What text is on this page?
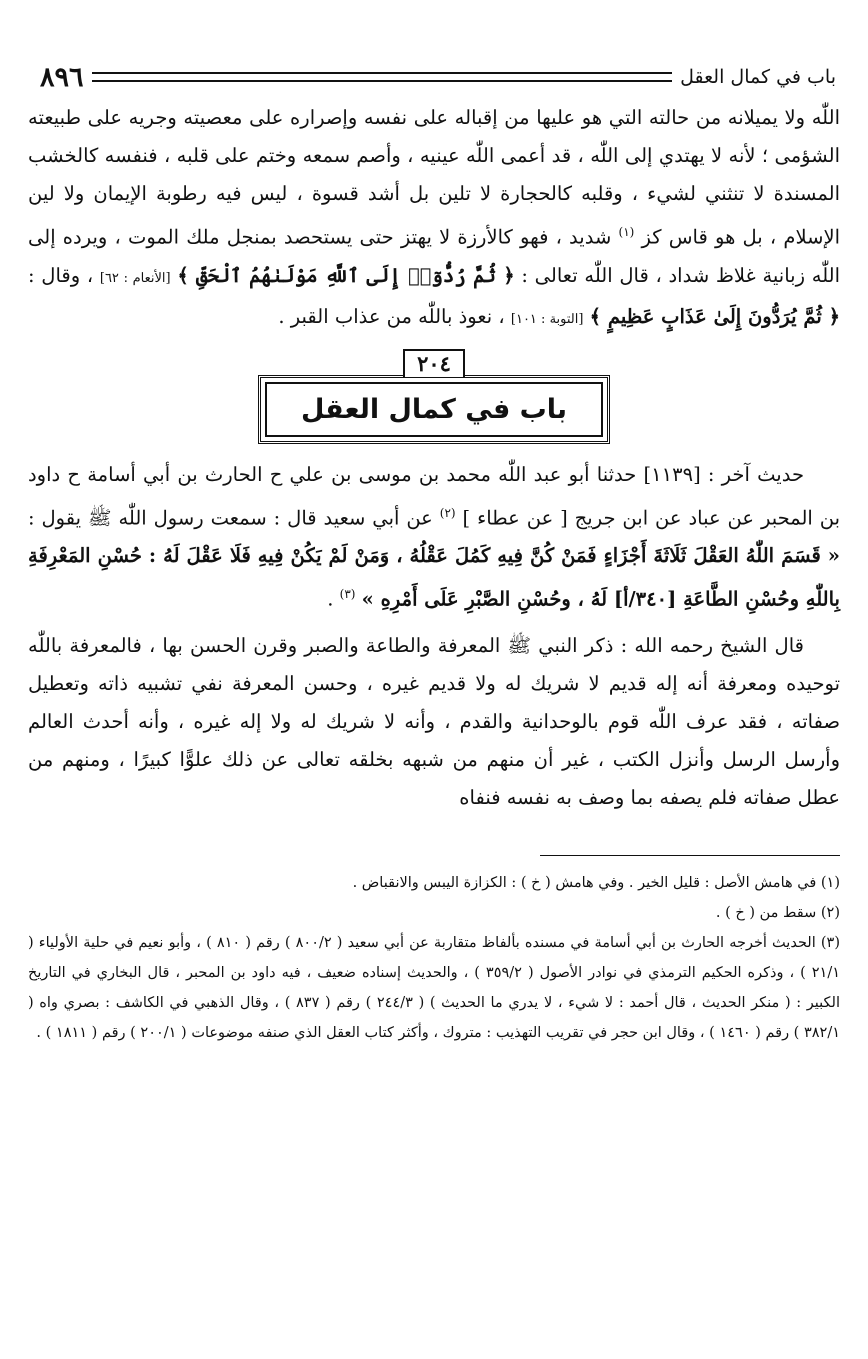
باب في كمال العقل
٨٩٦

اللّٰه ولا يميلانه من حالته التي هو عليها من إقباله على نفسه وإصراره على معصيته وجريه على طبيعته الشؤمى ؛ لأنه لا يهتدي إلى اللّٰه ، قد أعمى اللّٰه عينيه ، وأصم سمعه وختم على قلبه ، فنفسه كالخشب المسندة لا تنثني لشيء ، وقلبه كالحجارة لا تلين بل أشد قسوة ، ليس فيه رطوبة الإيمان ولا لين الإسلام ، بل هو قاس كز $^{(١)}$ شديد ، فهو كالأرزة لا يهتز حتى يستحصد بمنجل ملك الموت ، ويرده إلى اللّٰه زبانية غلاظ شداد ، قال اللّٰه تعالى : ﴿ ثُمَّ رُدُّوٓا۟ إِلَى ٱللَّهِ مَوْلَىٰهُمُ ٱلْحَقِّ ﴾ [الأنعام : ٦٢] ، وقال : ﴿ ثُمَّ يُرَدُّونَ إِلَىٰ عَذَابٍ عَظِيمٍ ﴾ [التوبة : ١٠١] ، نعوذ باللّٰه من عذاب القبر .

٢٠٤
باب في كمال العقل

حديث آخر : [١١٣٩] حدثنا أبو عبد اللّٰه محمد بن موسى بن علي ح الحارث بن أبي أسامة ح داود بن المحبر عن عباد عن ابن جريج [ عن عطاء ] $^{(٢)}$ عن أبي سعيد قال : سمعت رسول اللّٰه ﷺ يقول : « قَسَمَ اللّٰهُ العَقْلَ ثَلَاثَةَ أَجْزَاءٍ فَمَنْ كُنَّ فِيهِ كَمُلَ عَقْلُهُ ، وَمَنْ لَمْ يَكُنْ فِيهِ فَلَا عَقْلَ لَهُ : حُسْنِ المَعْرِفَةِ بِاللّٰهِ وحُسْنِ الطَّاعَةِ [٣٤٠/أ] لَهُ ، وحُسْنِ الصَّبْرِ عَلَى أَمْرِهِ » $^{(٣)}$ .

قال الشيخ رحمه الله : ذكر النبي ﷺ المعرفة والطاعة والصبر وقرن الحسن بها ، فالمعرفة باللّٰه توحيده ومعرفة أنه إله قديم لا شريك له ولا قديم غيره ، وحسن المعرفة نفي تشبيه ذاته وتعطيل صفاته ، فقد عرف اللّٰه قوم بالوحدانية والقدم ، وأنه لا شريك له ولا إله غيره ، وأنه أحدث العالم وأرسل الرسل وأنزل الكتب ، غير أن منهم من شبهه بخلقه تعالى عن ذلك علوًّا كبيرًا ، ومنهم من عطل صفاته فلم يصفه بما وصف به نفسه فنفاه

(١) في هامش الأصل : قليل الخير . وفي هامش ( خ ) : الكزازة اليبس والانقباض .

(٢) سقط من ( خ ) .

(٣) الحديث أخرجه الحارث بن أبي أسامة في مسنده بألفاظ متقاربة عن أبي سعيد ( ٨٠٠/٢ ) رقم ( ٨١٠ ) ، وأبو نعيم في حلية الأولياء ( ٢١/١ ) ، وذكره الحكيم الترمذي في نوادر الأصول ( ٣٥٩/٢ ) ، والحديث إسناده ضعيف ، فيه داود بن المحبر ، قال البخاري في التاريخ الكبير : ( منكر الحديث ، قال أحمد : لا شيء ، لا يدري ما الحديث ) ( ٢٤٤/٣ ) رقم ( ٨٣٧ ) ، وقال الذهبي في الكاشف : بصري واه ( ٣٨٢/١ ) رقم ( ١٤٦٠ ) ، وقال ابن حجر في تقريب التهذيب : متروك ، وأكثر كتاب العقل الذي صنفه موضوعات ( ٢٠٠/١ ) رقم ( ١٨١١ ) .
